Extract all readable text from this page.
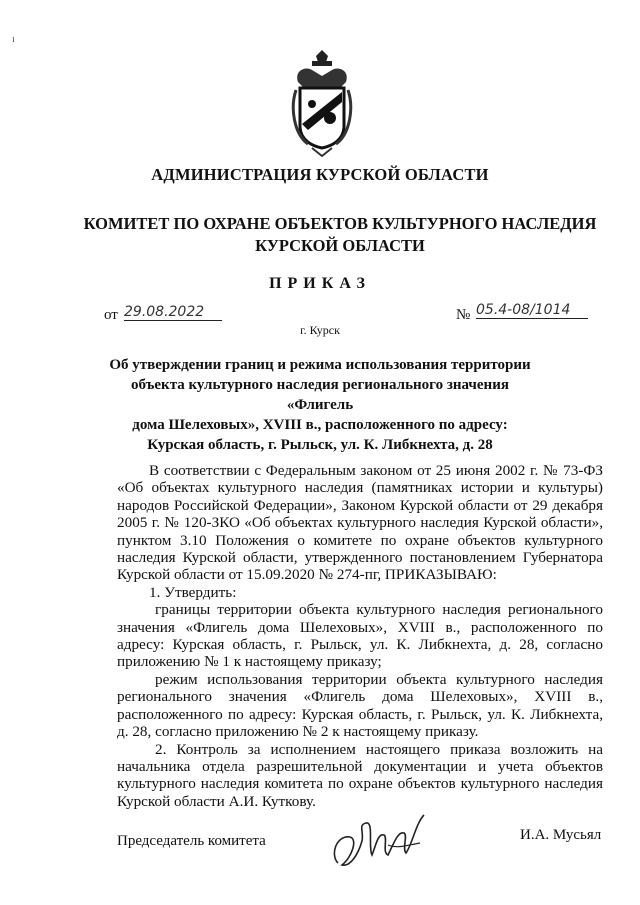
ı
АДМИНИСТРАЦИЯ КУРСКОЙ ОБЛАСТИ
КОМИТЕТ ПО ОХРАНЕ ОБЪЕКТОВ КУЛЬТУРНОГО НАСЛЕДИЯ
КУРСКОЙ ОБЛАСТИ
ПРИКАЗ
от 29.08.2022	№ 05.4-08/1014
г. Курск
Об утверждении границ и режима использования территории
объекта культурного наследия регионального значения «Флигель
дома Шелеховых», XVIII в., расположенного по адресу:
Курская область, г. Рыльск, ул. К. Либкнехта, д. 28

В соответствии с Федеральным законом от 25 июня 2002 г. № 73-ФЗ «Об объектах культурного наследия (памятниках истории и культуры) народов Российской Федерации», Законом Курской области от 29 декабря 2005 г. № 120-ЗКО «Об объектах культурного наследия Курской области», пунктом 3.10 Положения о комитете по охране объектов культурного наследия Курской области, утвержденного постановлением Губернатора Курской области от 15.09.2020 № 274-пг, ПРИКАЗЫВАЮ:

1. Утвердить:

границы территории объекта культурного наследия регионального значения «Флигель дома Шелеховых», XVIII в., расположенного по адресу: Курская область, г. Рыльск, ул. К. Либкнехта, д. 28, согласно приложению № 1 к настоящему приказу;

режим использования территории объекта культурного наследия регионального значения «Флигель дома Шелеховых», XVIII в., расположенного по адресу: Курская область, г. Рыльск, ул. К. Либкнехта, д. 28, согласно приложению № 2 к настоящему приказу.

2. Контроль за исполнением настоящего приказа возложить на начальника отдела разрешительной документации и учета объектов культурного наследия комитета по охране объектов культурного наследия Курской области А.И. Куткову.

Председатель комитета	И.А. Мусьял
